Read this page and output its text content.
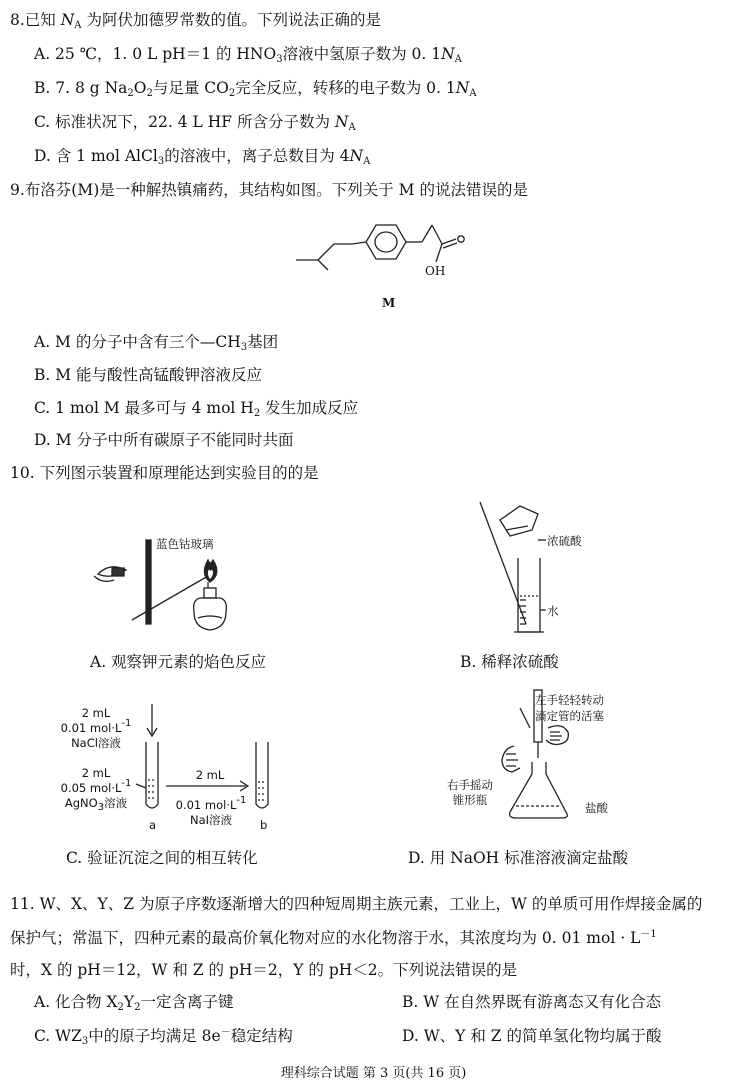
8.已知 $N_A$ 为阿伏加德罗常数的值。下列说法正确的是
A. 25 ℃，1. 0 L pH＝1 的 $HNO_3$溶液中氢原子数为 0. $1N_A$
B. 7. 8 g $Na_2O_2$与足量 $CO_2$完全反应，转移的电子数为 0. $1N_A$
C. 标准状况下，22. 4 L HF 所含分子数为 $N_A$
D. 含 1 mol AlCl$_3$的溶液中，离子总数目为 $4N_A$
9.布洛芬(M)是一种解热镇痛药，其结构如图。下列关于 M 的说法错误的是
OH
M
A. M 的分子中含有三个$—CH_3$基团
B. M 能与酸性高锰酸钾溶液反应
C. 1 mol M 最多可与 4 mol $H_2$ 发生加成反应
D. M 分子中所有碳原子不能同时共面
10. 下列图示装置和原理能达到实验目的的是
蓝色钴玻璃
A. 观察钾元素的焰色反应
浓硫酸
水
B. 稀释浓硫酸
2 mL
0.01 $mol\cdot L^{-1}$
NaCl溶液
2 mL
0.05 $mol\cdot L^{-1}$
AgNO$_3$溶液
2 mL
0.01 $mol\cdot L^{-1}$
NaI溶液
a	b
C. 验证沉淀之间的相互转化
左手轻轻转动
滴定管的活塞
右手摇动
锥形瓶
盐酸
D. 用 NaOH 标准溶液滴定盐酸
11. W、X、Y、Z 为原子序数逐渐增大的四种短周期主族元素，工业上，W 的单质可用作焊接金属的
保护气；常温下，四种元素的最高价氧化物对应的水化物溶于水，其浓度均为 0. 01 mol · $L^{-1}$
时，X 的 pH＝12，W 和 Z 的 pH＝2，Y 的 pH＜2。下列说法错误的是
A. 化合物 $X_2Y_2$一定含离子键	B. W 在自然界既有游离态又有化合态
C. $WZ_3$中的原子均满足 8e－稳定结构	D. W、Y 和 Z 的简单氢化物均属于酸
理科综合试题 第 3 页(共 16 页)
